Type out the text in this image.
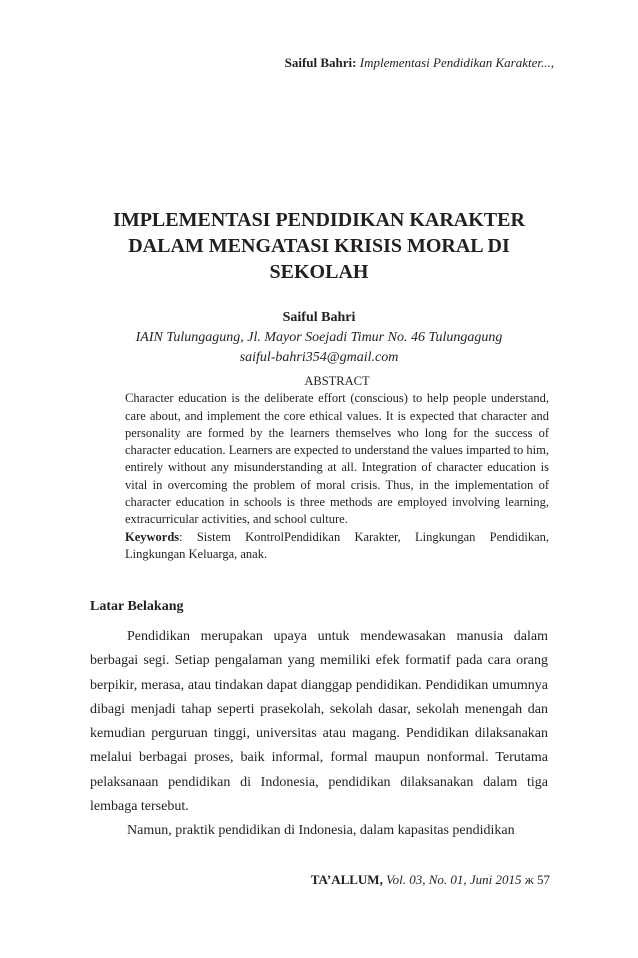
Saiful Bahri: Implementasi Pendidikan Karakter...,
IMPLEMENTASI PENDIDIKAN KARAKTER
DALAM MENGATASI KRISIS MORAL DI
SEKOLAH
Saiful Bahri
IAIN Tulungagung, Jl. Mayor Soejadi Timur No. 46 Tulungagung
saiful-bahri354@gmail.com
ABSTRACT

Character education is the deliberate effort (conscious) to help people understand, care about, and implement the core ethical values. It is expected that character and personality are formed by the learners themselves who long for the success of character education. Learners are expected to understand the values imparted to him, entirely without any misunderstanding at all. Integration of character education is vital in overcoming the problem of moral crisis. Thus, in the implementation of character education in schools is three methods are employed involving learning, extracurricular activities, and school culture.

Keywords: Sistem KontrolPendidikan Karakter, Lingkungan Pendidikan, Lingkungan Keluarga, anak.

Latar Belakang

Pendidikan merupakan upaya untuk mendewasakan manusia dalam berbagai segi. Setiap pengalaman yang memiliki efek formatif pada cara orang berpikir, merasa, atau tindakan dapat dianggap pendidikan. Pendidikan umumnya dibagi menjadi tahap seperti prasekolah, sekolah dasar, sekolah menengah dan kemudian perguruan tinggi, universitas atau magang. Pendidikan dilaksanakan melalui berbagai proses, baik informal, formal maupun nonformal. Terutama pelaksanaan pendidikan di Indonesia, pendidikan dilaksanakan dalam tiga lembaga tersebut.

Namun, praktik pendidikan di Indonesia, dalam kapasitas pendidikan

TA’ALLUM, Vol. 03, No. 01, Juni 2015 ж 57
